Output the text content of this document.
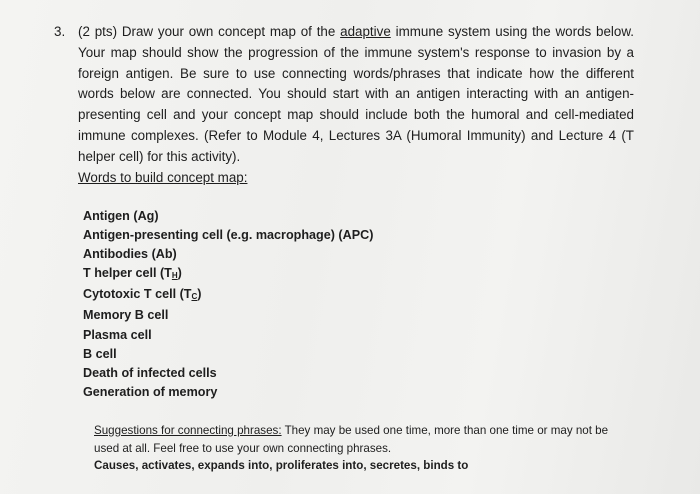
3. (2 pts) Draw your own concept map of the adaptive immune system using the words below. Your map should show the progression of the immune system's response to invasion by a foreign antigen. Be sure to use connecting words/phrases that indicate how the different words below are connected. You should start with an antigen interacting with an antigen-presenting cell and your concept map should include both the humoral and cell-mediated immune complexes. (Refer to Module 4, Lectures 3A (Humoral Immunity) and Lecture 4 (T helper cell) for this activity).
Words to build concept map:
Antigen (Ag)
Antigen-presenting cell (e.g. macrophage) (APC)
Antibodies (Ab)
T helper cell (TH)
Cytotoxic T cell (TC)
Memory B cell
Plasma cell
B cell
Death of infected cells
Generation of memory
Suggestions for connecting phrases: They may be used one time, more than one time or may not be used at all. Feel free to use your own connecting phrases.
Causes, activates, expands into, proliferates into, secretes, binds to
